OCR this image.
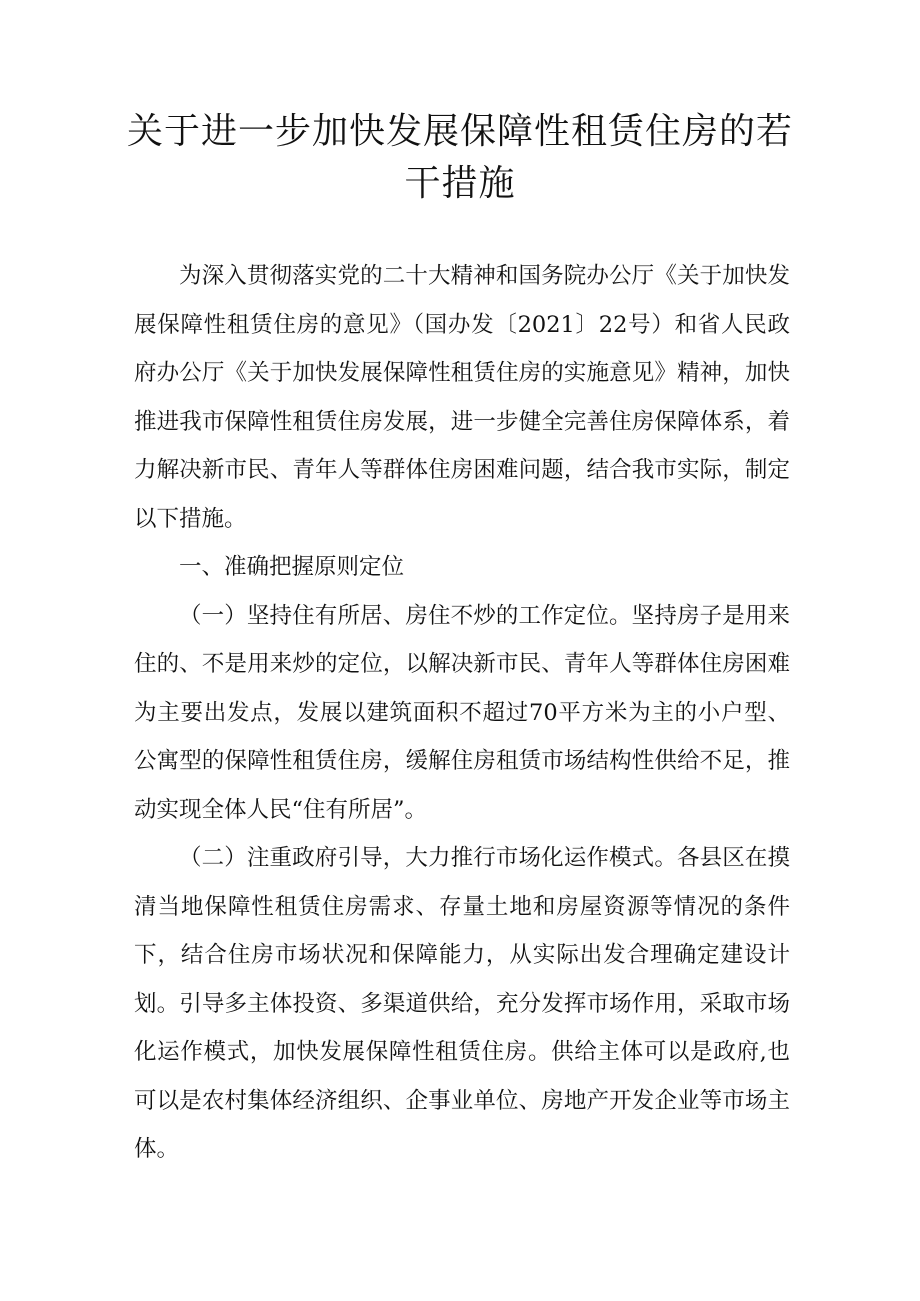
关于进一步加快发展保障性租赁住房的若干措施

为深入贯彻落实党的二十大精神和国务院办公厅《关于加快发展保障性租赁住房的意见》（国办发〔2021〕22号）和省人民政府办公厅《关于加快发展保障性租赁住房的实施意见》精神，加快推进我市保障性租赁住房发展，进一步健全完善住房保障体系，着力解决新市民、青年人等群体住房困难问题，结合我市实际，制定以下措施。

一、准确把握原则定位

（一）坚持住有所居、房住不炒的工作定位。坚持房子是用来住的、不是用来炒的定位，以解决新市民、青年人等群体住房困难为主要出发点，发展以建筑面积不超过70平方米为主的小户型、公寓型的保障性租赁住房，缓解住房租赁市场结构性供给不足，推动实现全体人民“住有所居”。

（二）注重政府引导，大力推行市场化运作模式。各县区在摸清当地保障性租赁住房需求、存量土地和房屋资源等情况的条件下，结合住房市场状况和保障能力，从实际出发合理确定建设计划。引导多主体投资、多渠道供给，充分发挥市场作用，采取市场化运作模式，加快发展保障性租赁住房。供给主体可以是政府,也可以是农村集体经济组织、企事业单位、房地产开发企业等市场主体。
